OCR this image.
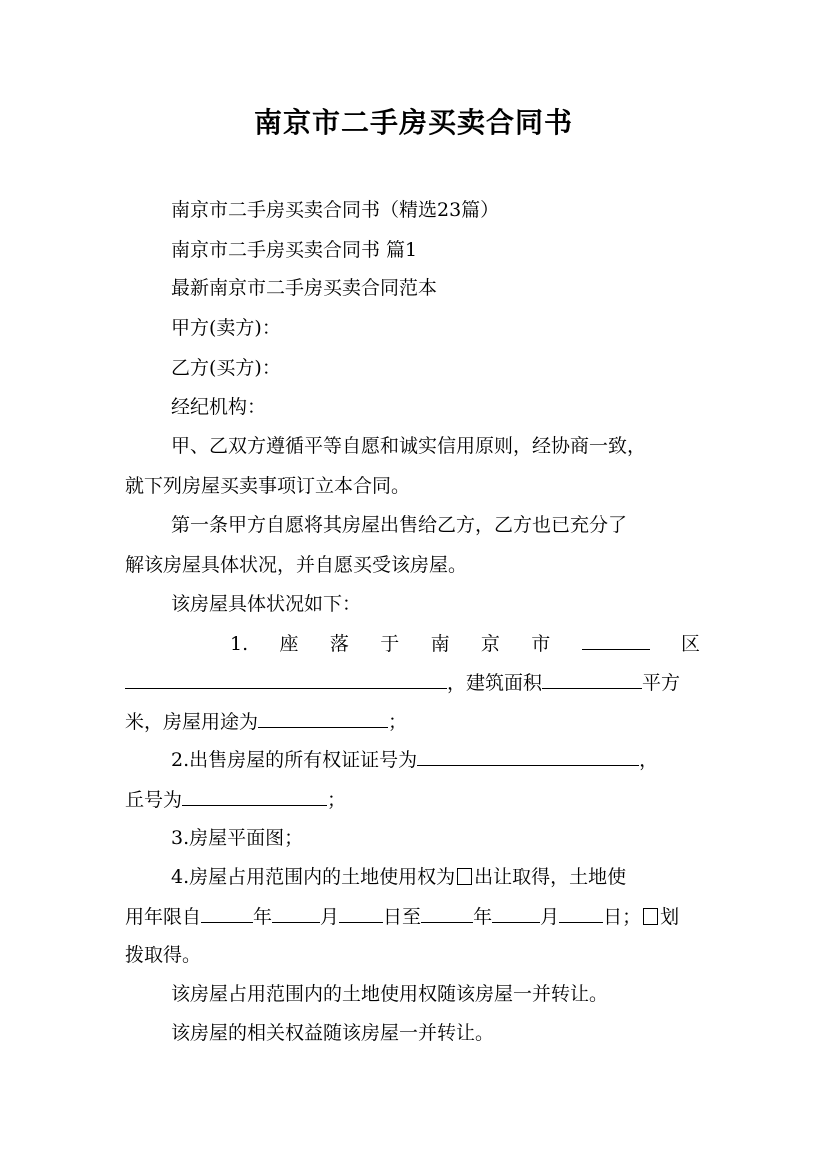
南京市二手房买卖合同书
南京市二手房买卖合同书（精选23篇）
南京市二手房买卖合同书 篇1
最新南京市二手房买卖合同范本
甲方(卖方)：
乙方(买方)：
经纪机构：
甲、乙双方遵循平等自愿和诚实信用原则，经协商一致，
就下列房屋买卖事项订立本合同。
第一条甲方自愿将其房屋出售给乙方，乙方也已充分了
解该房屋具体状况，并自愿买受该房屋。
该房屋具体状况如下：
1. 座 落 于 南 京 市	区
，建筑面积	平方
米，房屋用途为	；
2.出售房屋的所有权证证号为	，
丘号为	；
3.房屋平面图；
4.房屋占用范围内的土地使用权为 出让取得，土地使
用年限自	年	月 日至	年	月 日； 划
拨取得。
该房屋占用范围内的土地使用权随该房屋一并转让。
该房屋的相关权益随该房屋一并转让。
